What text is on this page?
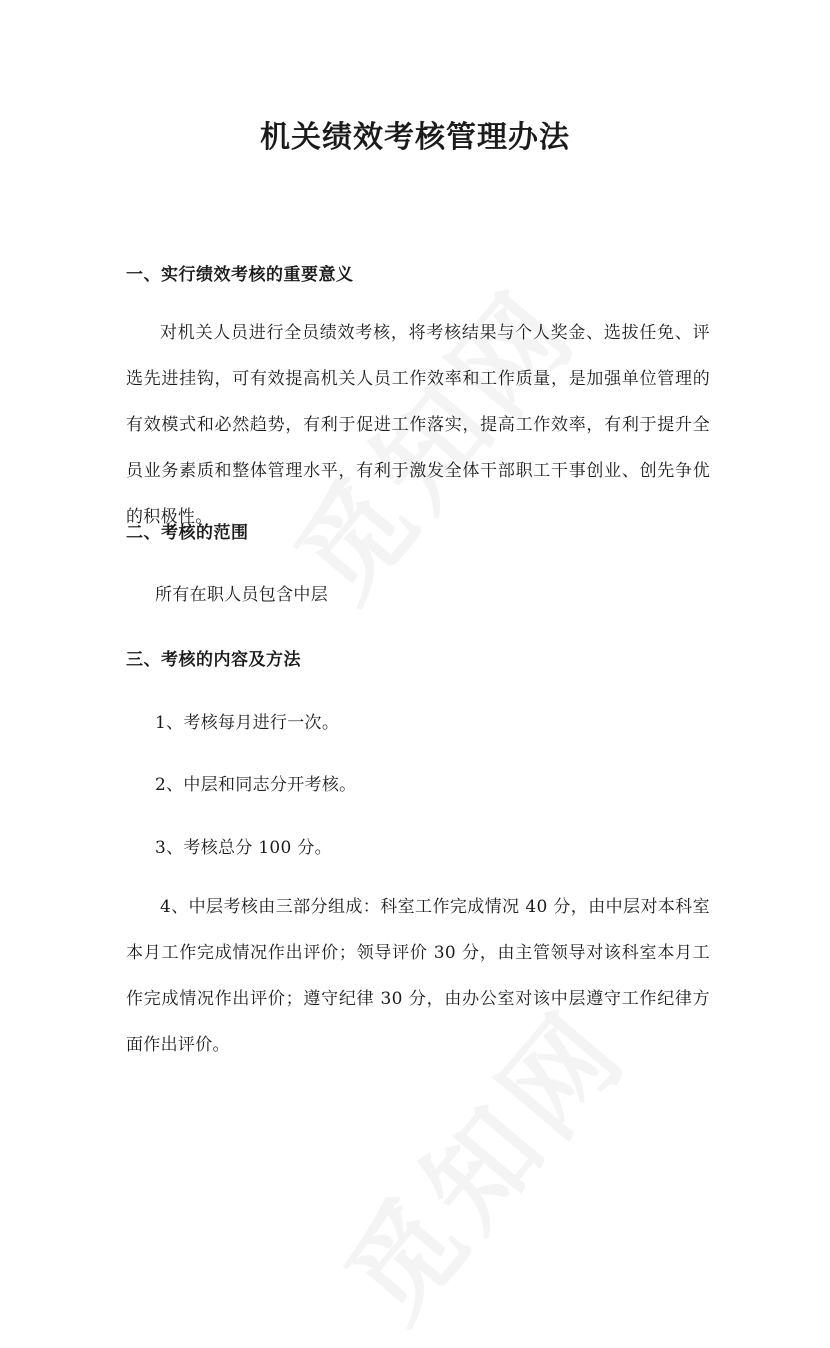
机关绩效考核管理办法
一、实行绩效考核的重要意义

对机关人员进行全员绩效考核，将考核结果与个人奖金、选拔任免、评选先进挂钩，可有效提高机关人员工作效率和工作质量，是加强单位管理的有效模式和必然趋势，有利于促进工作落实，提高工作效率，有利于提升全员业务素质和整体管理水平，有利于激发全体干部职工干事创业、创先争优的积极性。

二、考核的范围

所有在职人员包含中层

三、考核的内容及方法

1、考核每月进行一次。

2、中层和同志分开考核。

3、考核总分 100 分。

4、中层考核由三部分组成：科室工作完成情况 40 分，由中层对本科室本月工作完成情况作出评价；领导评价 30 分，由主管领导对该科室本月工作完成情况作出评价；遵守纪律 30 分，由办公室对该中层遵守工作纪律方面作出评价。
